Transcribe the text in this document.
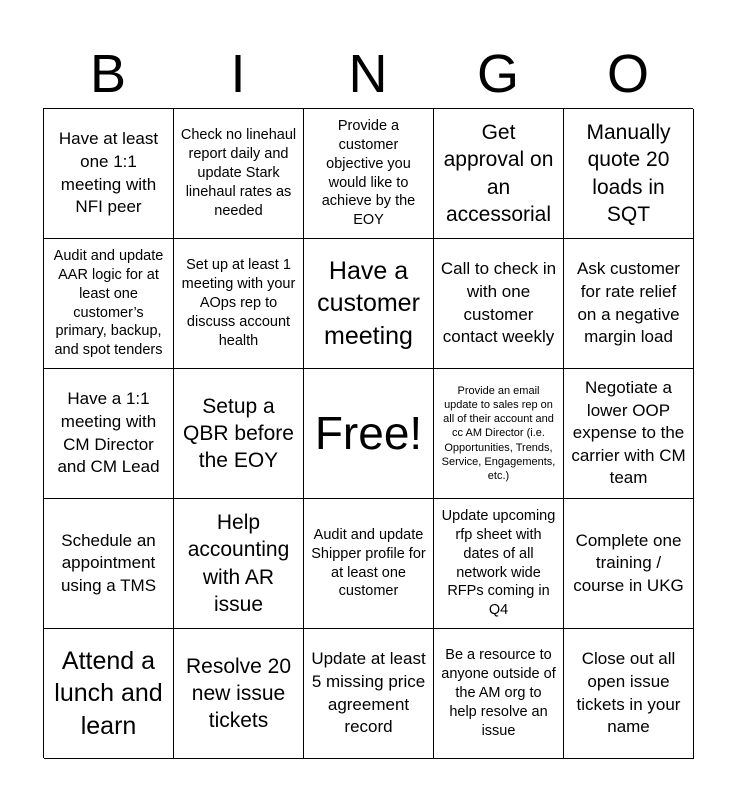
B	I	N	G	O
Have at least one 1:1 meeting with NFI peer
Check no linehaul report daily and update Stark linehaul rates as needed
Provide a customer objective you would like to achieve by the EOY
Get approval on an accessorial
Manually quote 20 loads in SQT
Audit and update AAR logic for at least one customer’s primary, backup, and spot tenders
Set up at least 1 meeting with your AOps rep to discuss account health
Have a customer meeting
Call to check in with one customer contact weekly
Ask customer for rate relief on a negative margin load
Have a 1:1 meeting with CM Director and CM Lead
Setup a QBR before the EOY
Free!
Provide an email update to sales rep on all of their account and cc AM Director (i.e. Opportunities, Trends, Service, Engagements, etc.)
Negotiate a lower OOP expense to the carrier with CM team
Schedule an appointment using a TMS
Help accounting with AR issue
Audit and update Shipper profile for at least one customer
Update upcoming rfp sheet with dates of all network wide RFPs coming in Q4
Complete one training / course in UKG
Attend a lunch and learn
Resolve 20 new issue tickets
Update at least 5 missing price agreement record
Be a resource to anyone outside of the AM org to help resolve an issue
Close out all open issue tickets in your name
